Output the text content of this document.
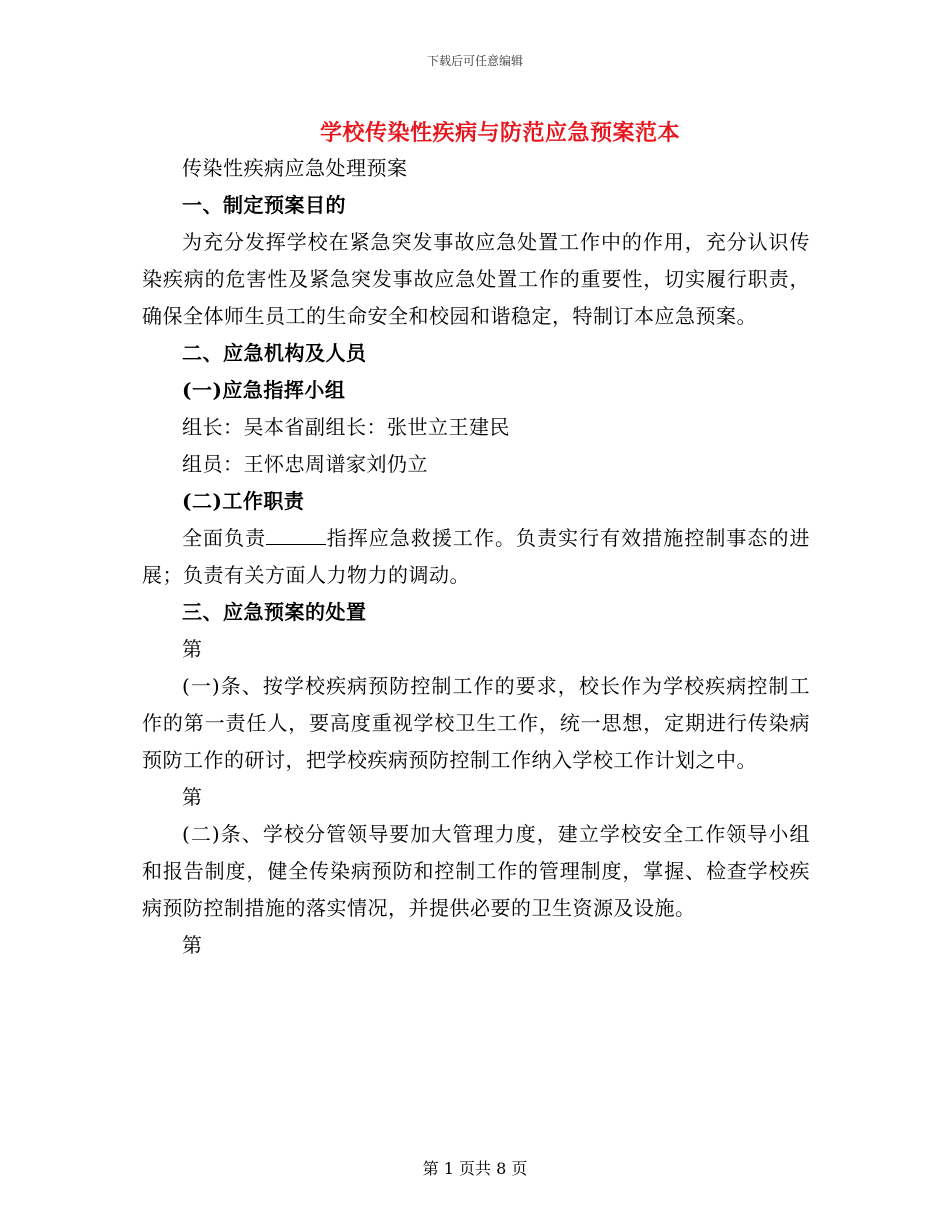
下载后可任意编辑
学校传染性疾病与防范应急预案范本

传染性疾病应急处理预案

一、制定预案目的

为充分发挥学校在紧急突发事故应急处置工作中的作用，充分认识传染疾病的危害性及紧急突发事故应急处置工作的重要性，切实履行职责，确保全体师生员工的生命安全和校园和谐稳定，特制订本应急预案。

二、应急机构及人员

(一)应急指挥小组

组长：吴本省副组长：张世立王建民

组员：王怀忠周谱家刘仍立

(二)工作职责

全面负责	指挥应急救援工作。负责实行有效措施控制事态的进展；负责有关方面人力物力的调动。

三、应急预案的处置

第

(一)条、按学校疾病预防控制工作的要求，校长作为学校疾病控制工作的第一责任人，要高度重视学校卫生工作，统一思想，定期进行传染病预防工作的研讨，把学校疾病预防控制工作纳入学校工作计划之中。

第

(二)条、学校分管领导要加大管理力度，建立学校安全工作领导小组和报告制度，健全传染病预防和控制工作的管理制度，掌握、检查学校疾病预防控制措施的落实情况，并提供必要的卫生资源及设施。

第

第 1 页共 8 页
